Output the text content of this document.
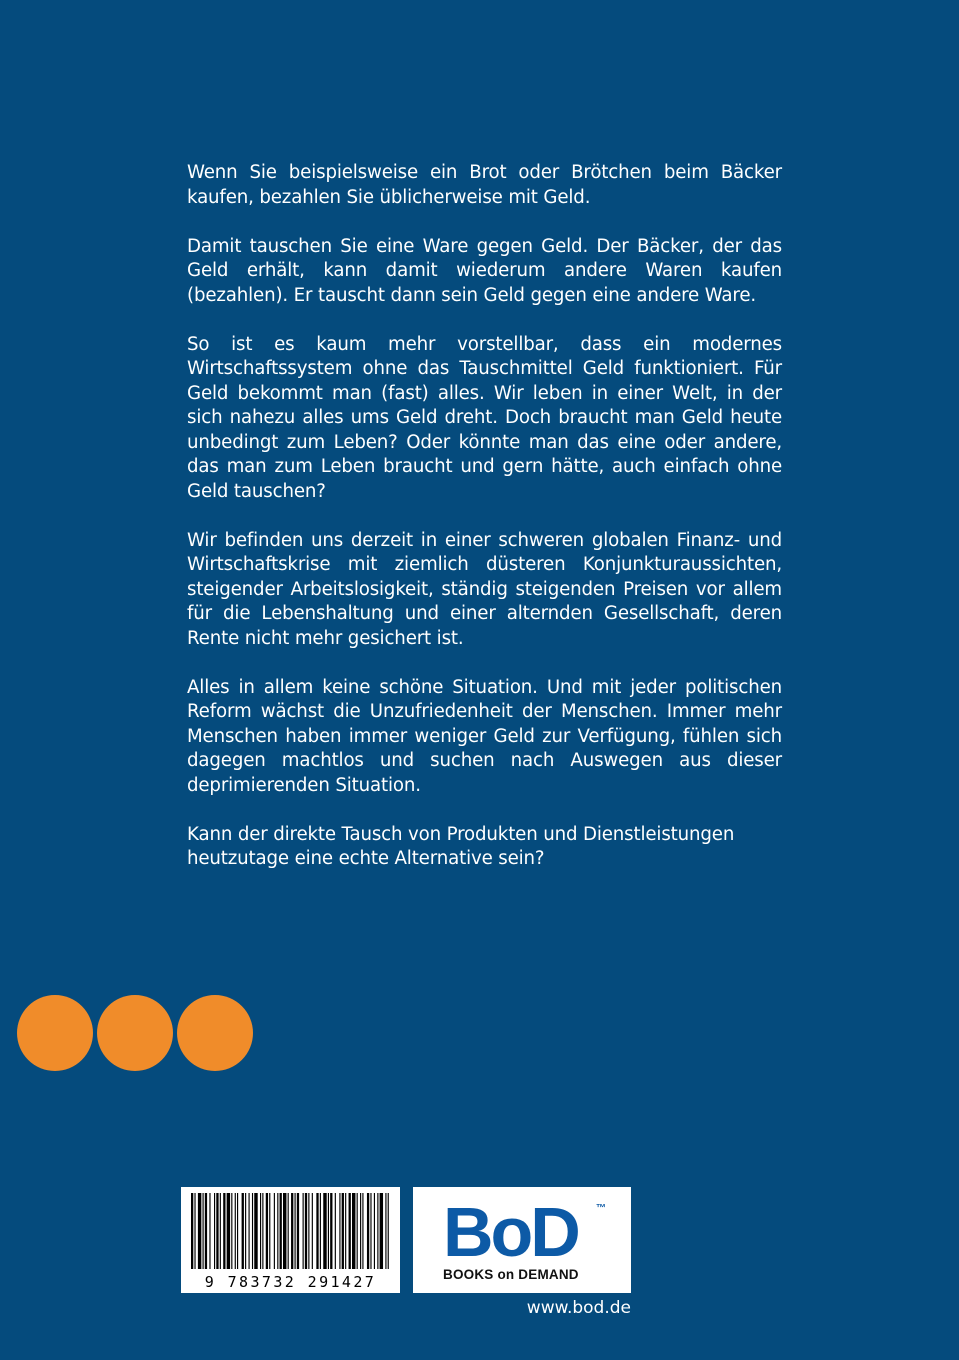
Wenn Sie beispielsweise ein Brot oder Brötchen beim Bäcker kaufen, bezahlen Sie üblicherweise mit Geld.

Damit tauschen Sie eine Ware gegen Geld. Der Bäcker, der das Geld erhält, kann damit wiederum andere Waren kaufen (bezahlen). Er tauscht dann sein Geld gegen eine andere Ware.

So ist es kaum mehr vorstellbar, dass ein modernes Wirtschaftssystem ohne das Tauschmittel Geld funktioniert. Für Geld bekommt man (fast) alles. Wir leben in einer Welt, in der sich nahezu alles ums Geld dreht. Doch braucht man Geld heute unbedingt zum Leben? Oder könnte man das eine oder andere, das man zum Leben braucht und gern hätte, auch einfach ohne Geld tauschen?

Wir befinden uns derzeit in einer schweren globalen Finanz- und Wirtschaftskrise mit ziemlich düsteren Konjunkturaussichten, steigender Arbeitslosigkeit, ständig steigenden Preisen vor allem für die Lebenshaltung und einer alternden Gesellschaft, deren Rente nicht mehr gesichert ist.

Alles in allem keine schöne Situation. Und mit jeder politischen Reform wächst die Unzufriedenheit der Menschen. Immer mehr Menschen haben immer weniger Geld zur Verfügung, fühlen sich dagegen machtlos und suchen nach Auswegen aus dieser deprimierenden Situation.

Kann der direkte Tausch von Produkten und Dienstleistungen heutzutage eine echte Alternative sein?

9 783732 291427
BoD ™
BOOKS on DEMAND
www.bod.de
